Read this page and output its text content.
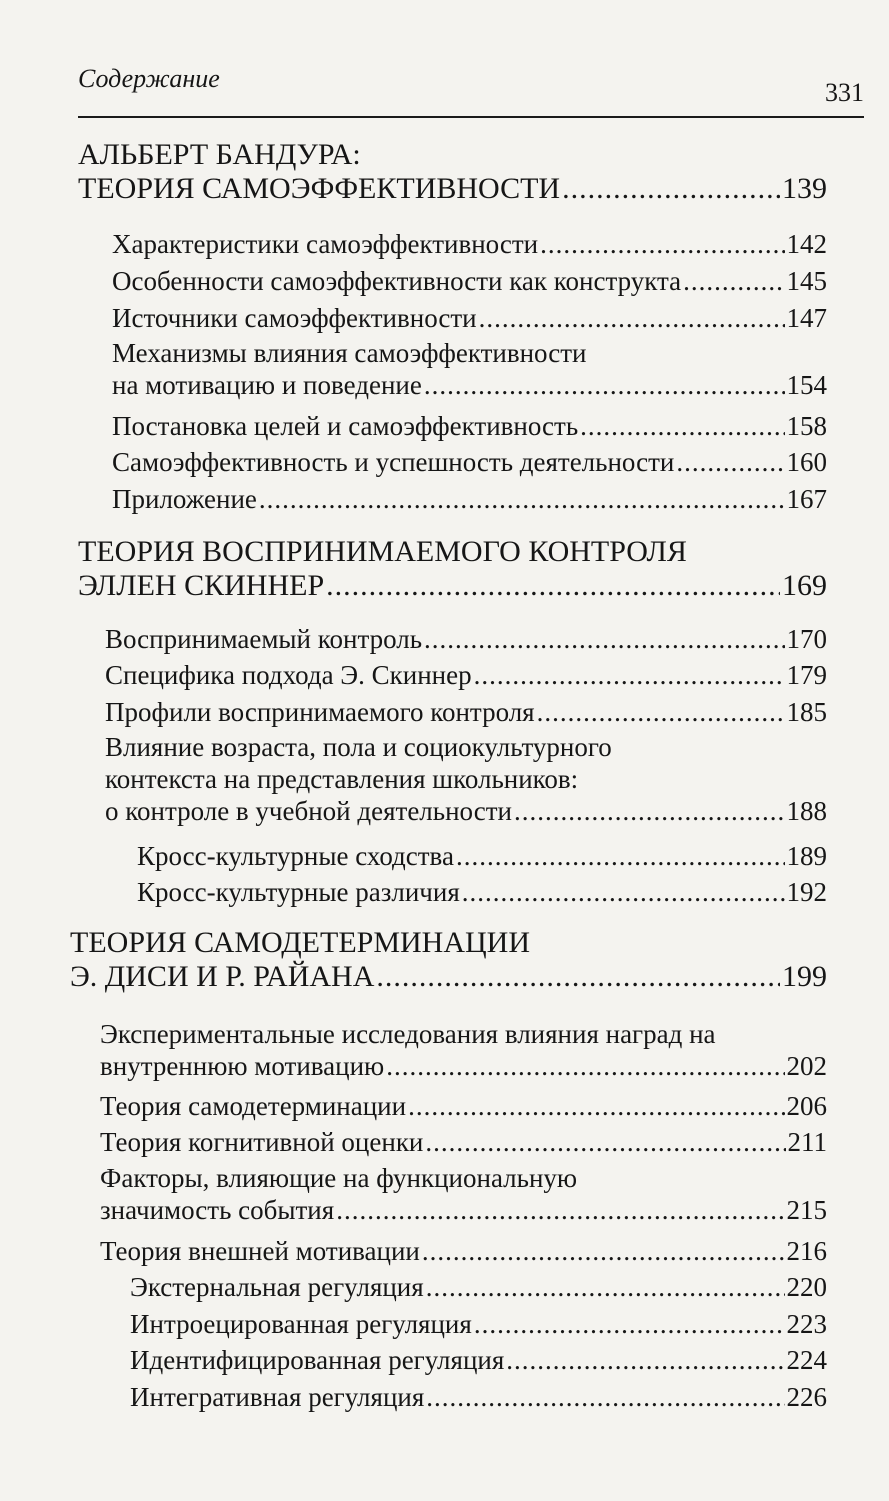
Содержание	331
АЛЬБЕРТ БАНДУРА:
ТЕОРИЯ САМОЭФФЕКТИВНОСТИ .....	139
Характеристики самоэффективности .....	142
Особенности самоэффективности как конструкта .....	145
Источники самоэффективности .....	147
Механизмы влияния самоэффективности
на мотивацию и поведение .....	154
Постановка целей и самоэффективность .....	158
Самоэффективность и успешность деятельности .....	160
Приложение .....	167
ТЕОРИЯ ВОСПРИНИМАЕМОГО КОНТРОЛЯ
ЭЛЛЕН СКИННЕР .....	169
Воспринимаемый контроль .....	170
Специфика подхода Э. Скиннер .....	179
Профили воспринимаемого контроля .....	185
Влияние возраста, пола и социокультурного
контекста на представления школьников:
о контроле в учебной деятельности .....	188
Кросс-культурные сходства .....	189
Кросс-культурные различия .....	192
ТЕОРИЯ САМОДЕТЕРМИНАЦИИ
Э. ДИСИ И Р. РАЙАНА .....	199
Экспериментальные исследования влияния наград на
внутреннюю мотивацию .....	202
Теория самодетерминации .....	206
Теория когнитивной оценки .....	211
Факторы, влияющие на функциональную
значимость события .....	215
Теория внешней мотивации .....	216
Экстернальная регуляция .....	220
Интроецированная регуляция .....	223
Идентифицированная регуляция .....	224
Интегративная регуляция .....	226
